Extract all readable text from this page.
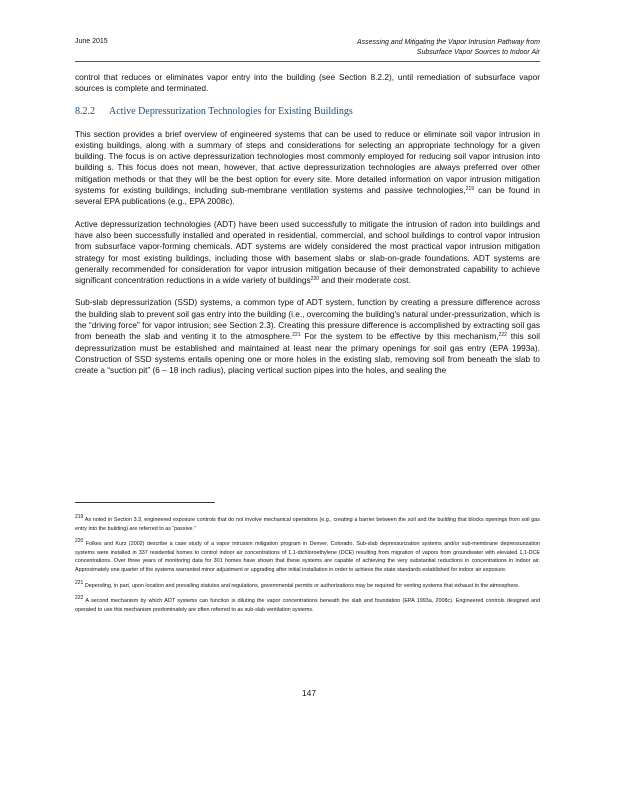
June 2015	Assessing and Mitigating the Vapor Intrusion Pathway from
Subsurface Vapor Sources to Indoor Air

control that reduces or eliminates vapor entry into the building (see Section 8.2.2), until remediation of subsurface vapor sources is complete and terminated.

8.2.2 Active Depressurization Technologies for Existing Buildings

This section provides a brief overview of engineered systems that can be used to reduce or eliminate soil vapor intrusion in existing buildings, along with a summary of steps and considerations for selecting an appropriate technology for a given building. The focus is on active depressurization technologies most commonly employed for reducing soil vapor intrusion into building s. This focus does not mean, however, that active depressurization technologies are always preferred over other mitigation methods or that they will be the best option for every site. More detailed information on vapor intrusion mitigation systems for existing buildings, including sub-membrane ventilation systems and passive technologies,$^{219}$ can be found in several EPA publications (e.g., EPA 2008c).

Active depressurization technologies (ADT) have been used successfully to mitigate the intrusion of radon into buildings and have also been successfully installed and operated in residential, commercial, and school buildings to control vapor intrusion from subsurface vapor-forming chemicals. ADT systems are widely considered the most practical vapor intrusion mitigation strategy for most existing buildings, including those with basement slabs or slab-on-grade foundations. ADT systems are generally recommended for consideration for vapor intrusion mitigation because of their demonstrated capability to achieve significant concentration reductions in a wide variety of buildings$^{220}$ and their moderate cost.

Sub-slab depressurization (SSD) systems, a common type of ADT system, function by creating a pressure difference across the building slab to prevent soil gas entry into the building (i.e., overcoming the building's natural under-pressurization, which is the “driving force” for vapor intrusion; see Section 2.3). Creating this pressure difference is accomplished by extracting soil gas from beneath the slab and venting it to the atmosphere.$^{221}$ For the system to be effective by this mechanism,$^{222}$ this soil depressurization must be established and maintained at least near the primary openings for soil gas entry (EPA 1993a). Construction of SSD systems entails opening one or more holes in the existing slab, removing soil from beneath the slab to create a “suction pit” (6 – 18 inch radius), placing vertical suction pipes into the holes, and sealing the

$^{219}$ As noted in Section 3.3, engineered exposure controls that do not involve mechanical operations (e.g., creating a barrier between the soil and the building that blocks openings from soil gas entry into the building) are referred to as “passive.”

$^{220}$ Folkes and Kurz (2002) describe a case study of a vapor intrusion mitigation program in Denver, Colorado. Sub-slab depressurization systems and/or sub-membrane depressurization systems were installed in 337 residential homes to control indoor air concentrations of 1,1-dichloroethylene (DCE) resulting from migration of vapors from groundwater with elevated 1,1-DCE concentrations. Over three years of monitoring data for 301 homes have shown that these systems are capable of achieving the very substantial reductions in concentrations in indoor air. Approximately one quarter of the systems warranted minor adjustment or upgrading after initial installation in order to achieve the state standards established for indoor air exposure.

$^{221}$ Depending, in part, upon location and prevailing statutes and regulations, governmental permits or authorizations may be required for venting systems that exhaust to the atmosphere.

$^{222}$ A second mechanism by which ADT systems can function is diluting the vapor concentrations beneath the slab and foundation (EPA 1993a, 2008c). Engineered controls designed and operated to use this mechanism predominately are often referred to as sub-slab ventilation systems.

147
